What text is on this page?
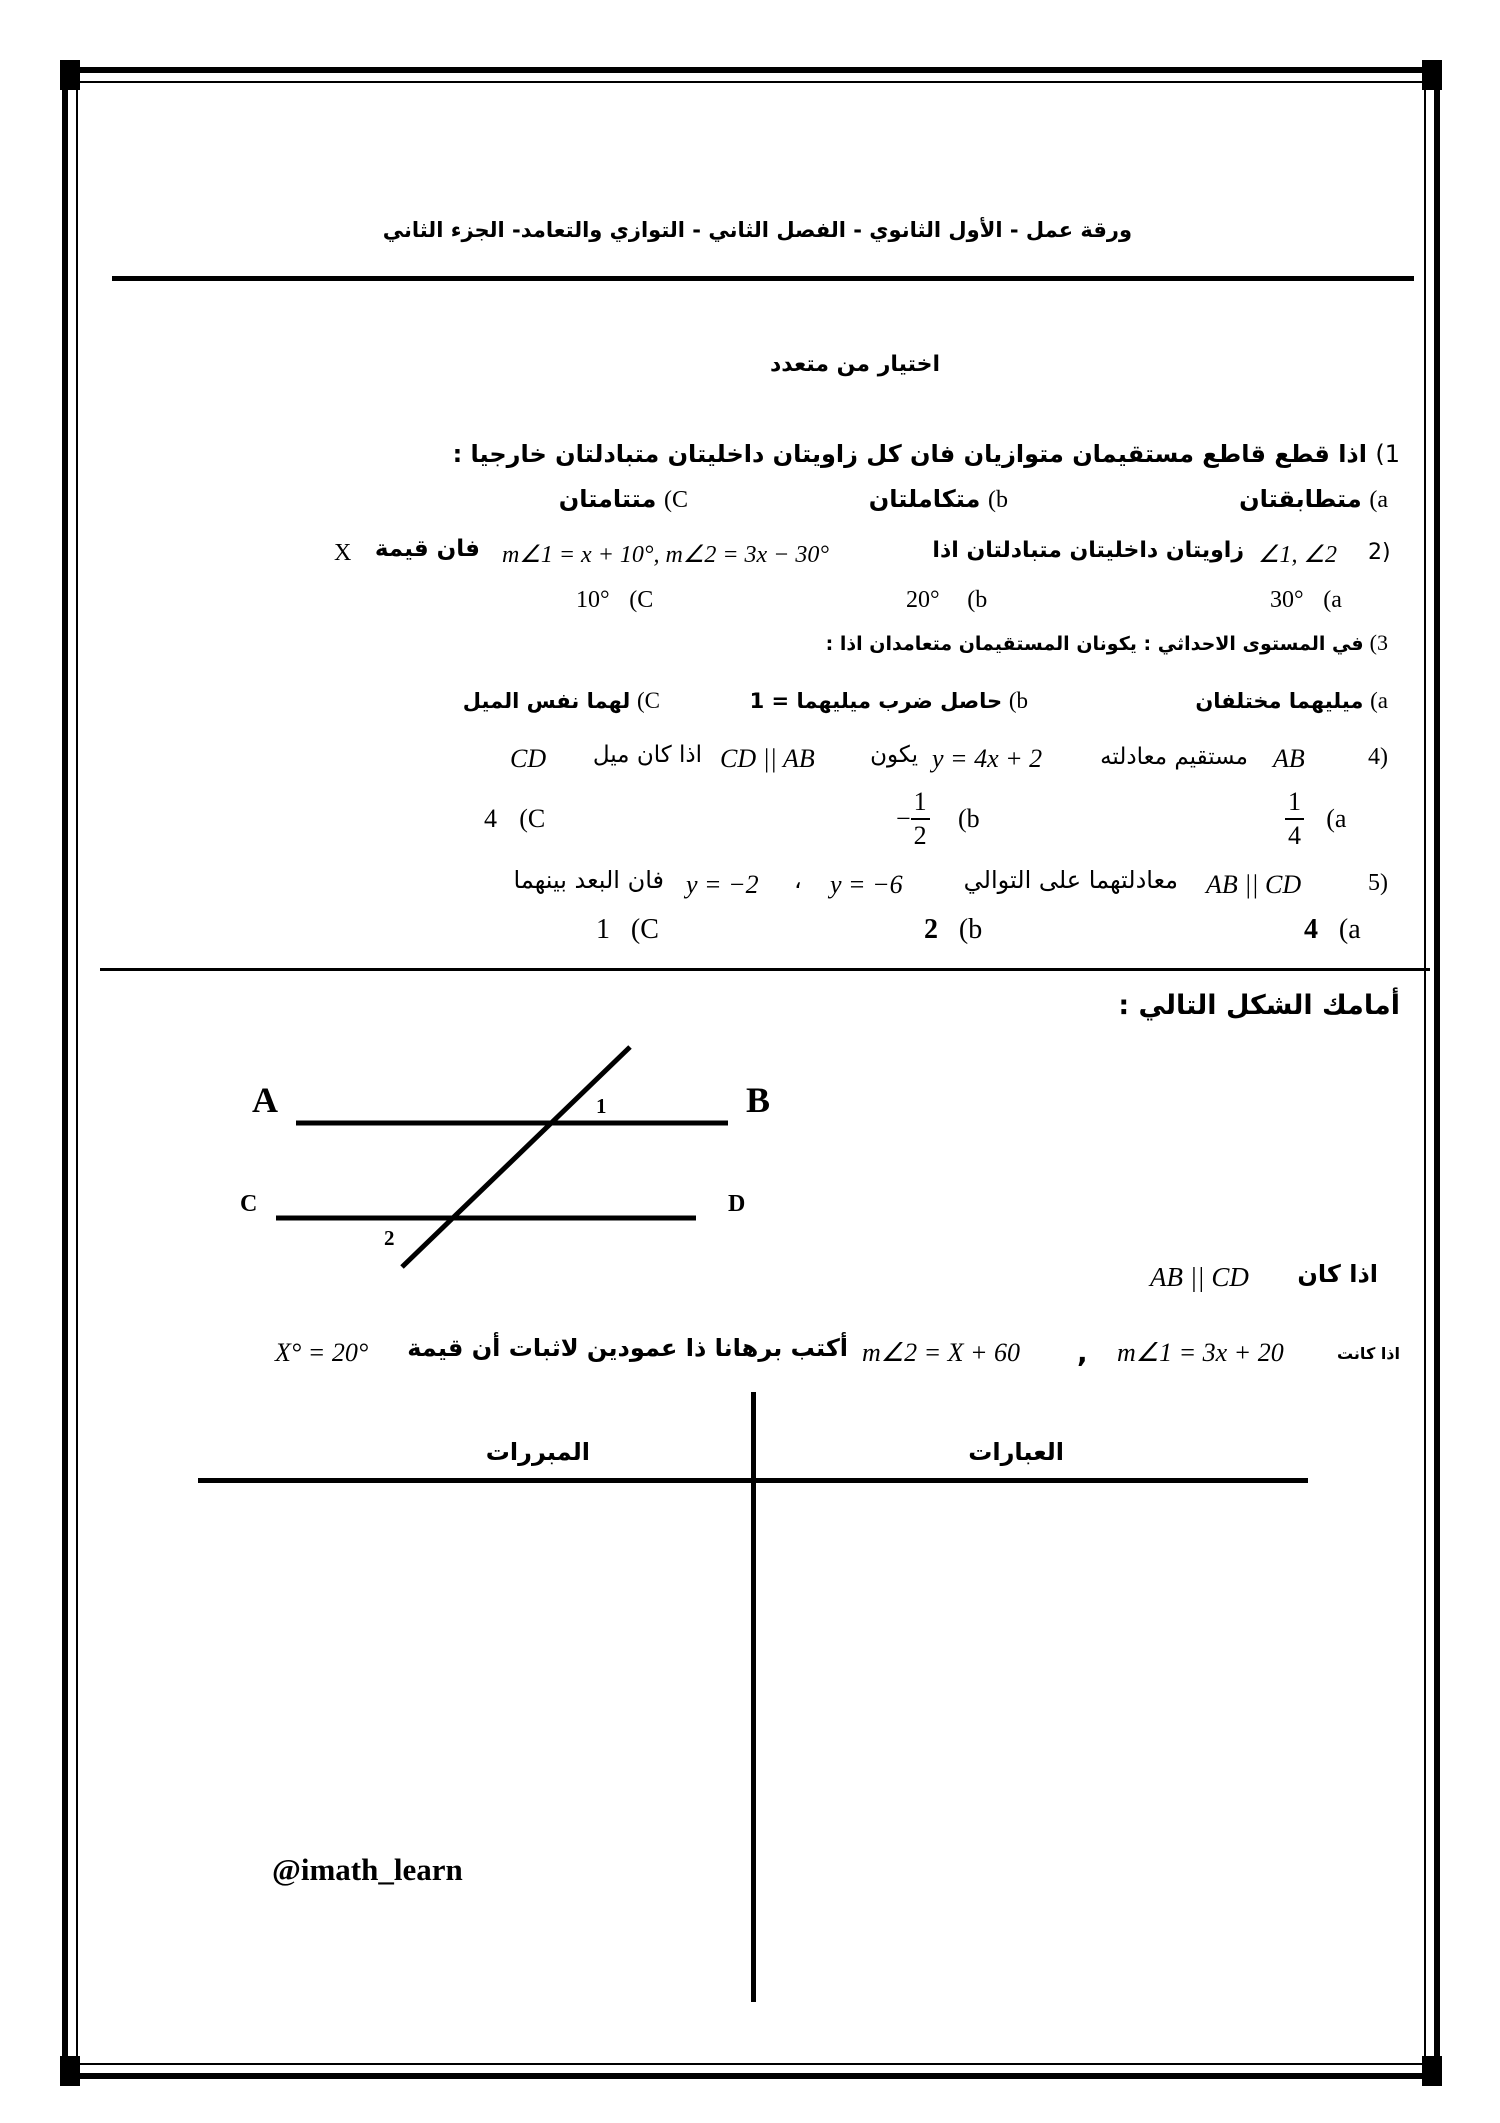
ورقة عمل - الأول الثانوي - الفصل الثاني - التوازي والتعامد- الجزء الثاني
اختيار من متعدد
1) اذا قطع قاطع مستقيمان متوازيان فان كل زاويتان داخليتان متبادلتان خارجيا :
a) متطابقتان
b) متكاملتان
C) متتامتان
2)
∠1, ∠2
زاويتان داخليتان متبادلتان اذا
m∠1 = x + 10°, m∠2 = 3x − 30°
فان قيمة
X
30° (a
20° (b
10° (C
3) في المستوى الاحداثي : يكونان المستقيمان متعامدان اذا :
a) ميليهما مختلفان
b) حاصل ضرب ميليهما = 1
C) لهما نفس الميل
4)
AB
مستقيم معادلته
y = 4x + 2
يكون
CD || AB
اذا كان ميل
CD
$\frac{1}{4} (a$
− $\frac{1}{2} (b$
4 (C
5)
AB || CD
معادلتهما على التوالي
y = −6
،
y = −2
فان البعد بينهما
4 (a
2 (b
1 (C
أمامك الشكل التالي :
A	B
C	D
1
2
اذا كان
AB || CD
اذا كانت
m∠1 = 3x + 20
,
m∠2 = X + 60
أكتب برهانا ذا عمودين لاثبات أن قيمة
X° = 20°
العبارات
المبررات
@imath_learn
